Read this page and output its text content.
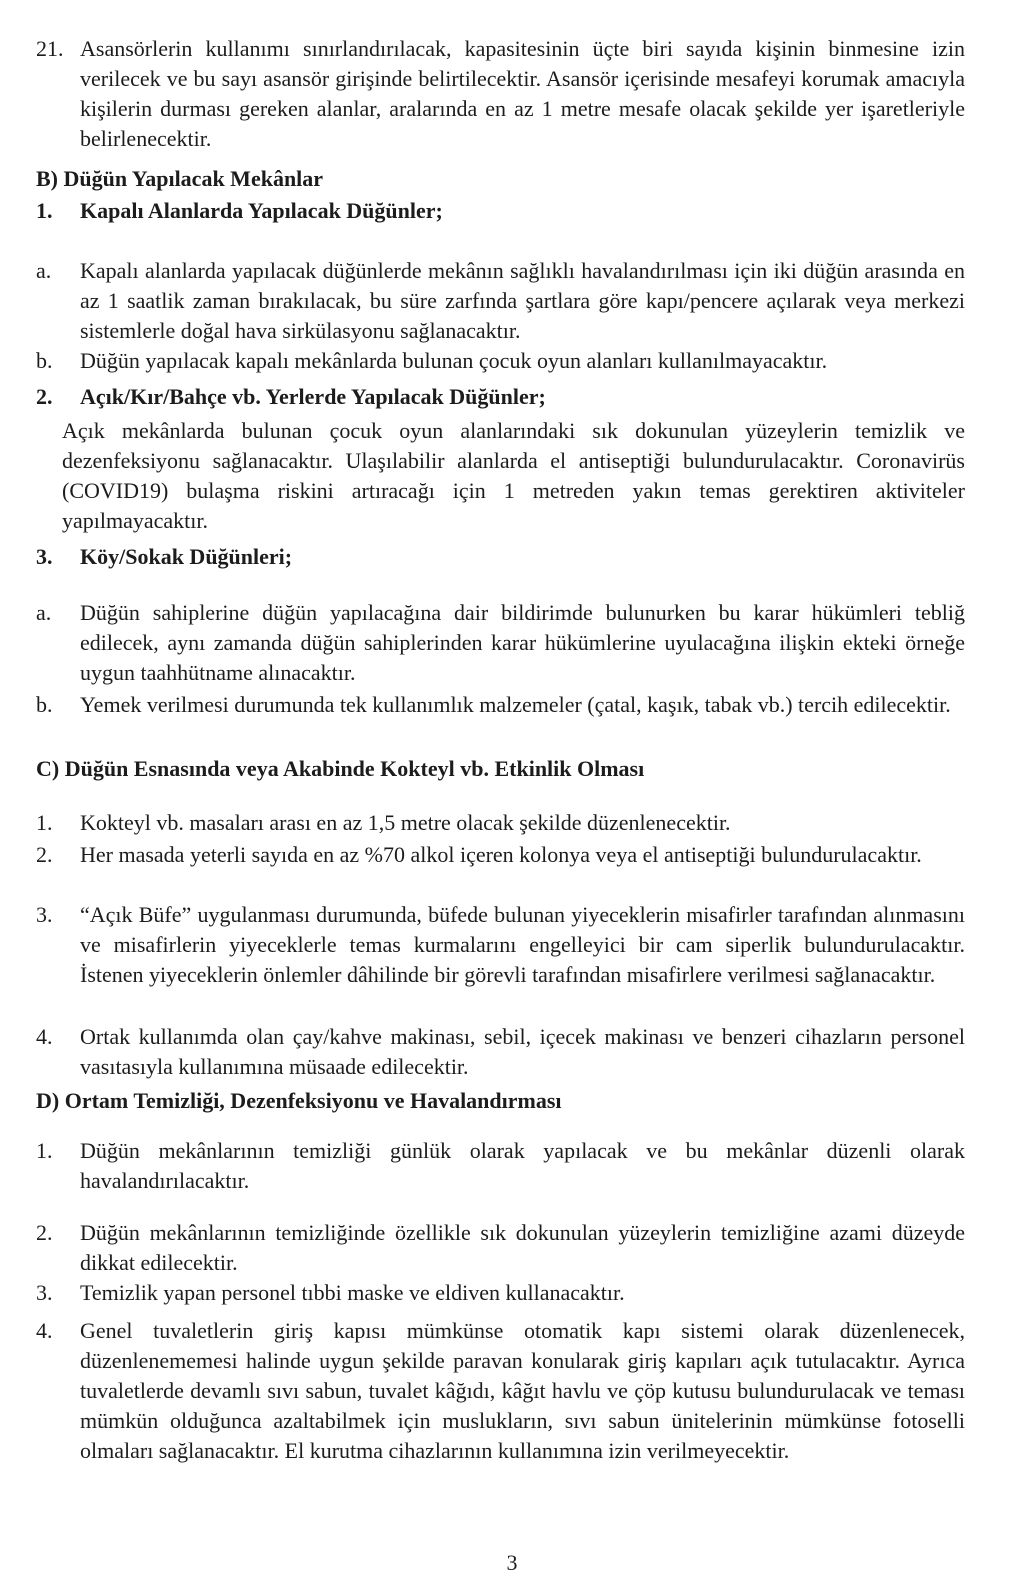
21. Asansörlerin kullanımı sınırlandırılacak, kapasitesinin üçte biri sayıda kişinin binmesine izin verilecek ve bu sayı asansör girişinde belirtilecektir. Asansör içerisinde mesafeyi korumak amacıyla kişilerin durması gereken alanlar, aralarında en az 1 metre mesafe olacak şekilde yer işaretleriyle belirlenecektir.
B) Düğün Yapılacak Mekânlar
1.	Kapalı Alanlarda Yapılacak Düğünler;
a.	Kapalı alanlarda yapılacak düğünlerde mekânın sağlıklı havalandırılması için iki düğün arasında en az 1 saatlik zaman bırakılacak, bu süre zarfında şartlara göre kapı/pencere açılarak veya merkezi sistemlerle doğal hava sirkülasyonu sağlanacaktır.
b.	Düğün yapılacak kapalı mekânlarda bulunan çocuk oyun alanları kullanılmayacaktır.
2.	Açık/Kır/Bahçe vb. Yerlerde Yapılacak Düğünler;
Açık mekânlarda bulunan çocuk oyun alanlarındaki sık dokunulan yüzeylerin temizlik ve dezenfeksiyonu sağlanacaktır. Ulaşılabilir alanlarda el antiseptiği bulundurulacaktır. Coronavirüs (COVID19) bulaşma riskini artıracağı için 1 metreden yakın temas gerektiren aktiviteler yapılmayacaktır.
3.	Köy/Sokak Düğünleri;
a.	Düğün sahiplerine düğün yapılacağına dair bildirimde bulunurken bu karar hükümleri tebliğ edilecek, aynı zamanda düğün sahiplerinden karar hükümlerine uyulacağına ilişkin ekteki örneğe uygun taahhütname alınacaktır.
b.	Yemek verilmesi durumunda tek kullanımlık malzemeler (çatal, kaşık, tabak vb.) tercih edilecektir.
C) Düğün Esnasında veya Akabinde Kokteyl vb. Etkinlik Olması
1.	Kokteyl vb. masaları arası en az 1,5 metre olacak şekilde düzenlenecektir.
2.	Her masada yeterli sayıda en az %70 alkol içeren kolonya veya el antiseptiği bulundurulacaktır.
3.	“Açık Büfe” uygulanması durumunda, büfede bulunan yiyeceklerin misafirler tarafından alınmasını ve misafirlerin yiyeceklerle temas kurmalarını engelleyici bir cam siperlik bulundurulacaktır. İstenen yiyeceklerin önlemler dâhilinde bir görevli tarafından misafirlere verilmesi sağlanacaktır.
4.	Ortak kullanımda olan çay/kahve makinası, sebil, içecek makinası ve benzeri cihazların personel vasıtasıyla kullanımına müsaade edilecektir.
D) Ortam Temizliği, Dezenfeksiyonu ve Havalandırması
1.	Düğün mekânlarının temizliği günlük olarak yapılacak ve bu mekânlar düzenli olarak havalandırılacaktır.
2.	Düğün mekânlarının temizliğinde özellikle sık dokunulan yüzeylerin temizliğine azami düzeyde dikkat edilecektir.
3.	Temizlik yapan personel tıbbi maske ve eldiven kullanacaktır.
4.	Genel tuvaletlerin giriş kapısı mümkünse otomatik kapı sistemi olarak düzenlenecek, düzenlenememesi halinde uygun şekilde paravan konularak giriş kapıları açık tutulacaktır. Ayrıca tuvaletlerde devamlı sıvı sabun, tuvalet kâğıdı, kâğıt havlu ve çöp kutusu bulundurulacak ve teması mümkün olduğunca azaltabilmek için muslukların, sıvı sabun ünitelerinin mümkünse fotoselli olmaları sağlanacaktır. El kurutma cihazlarının kullanımına izin verilmeyecektir.
3
